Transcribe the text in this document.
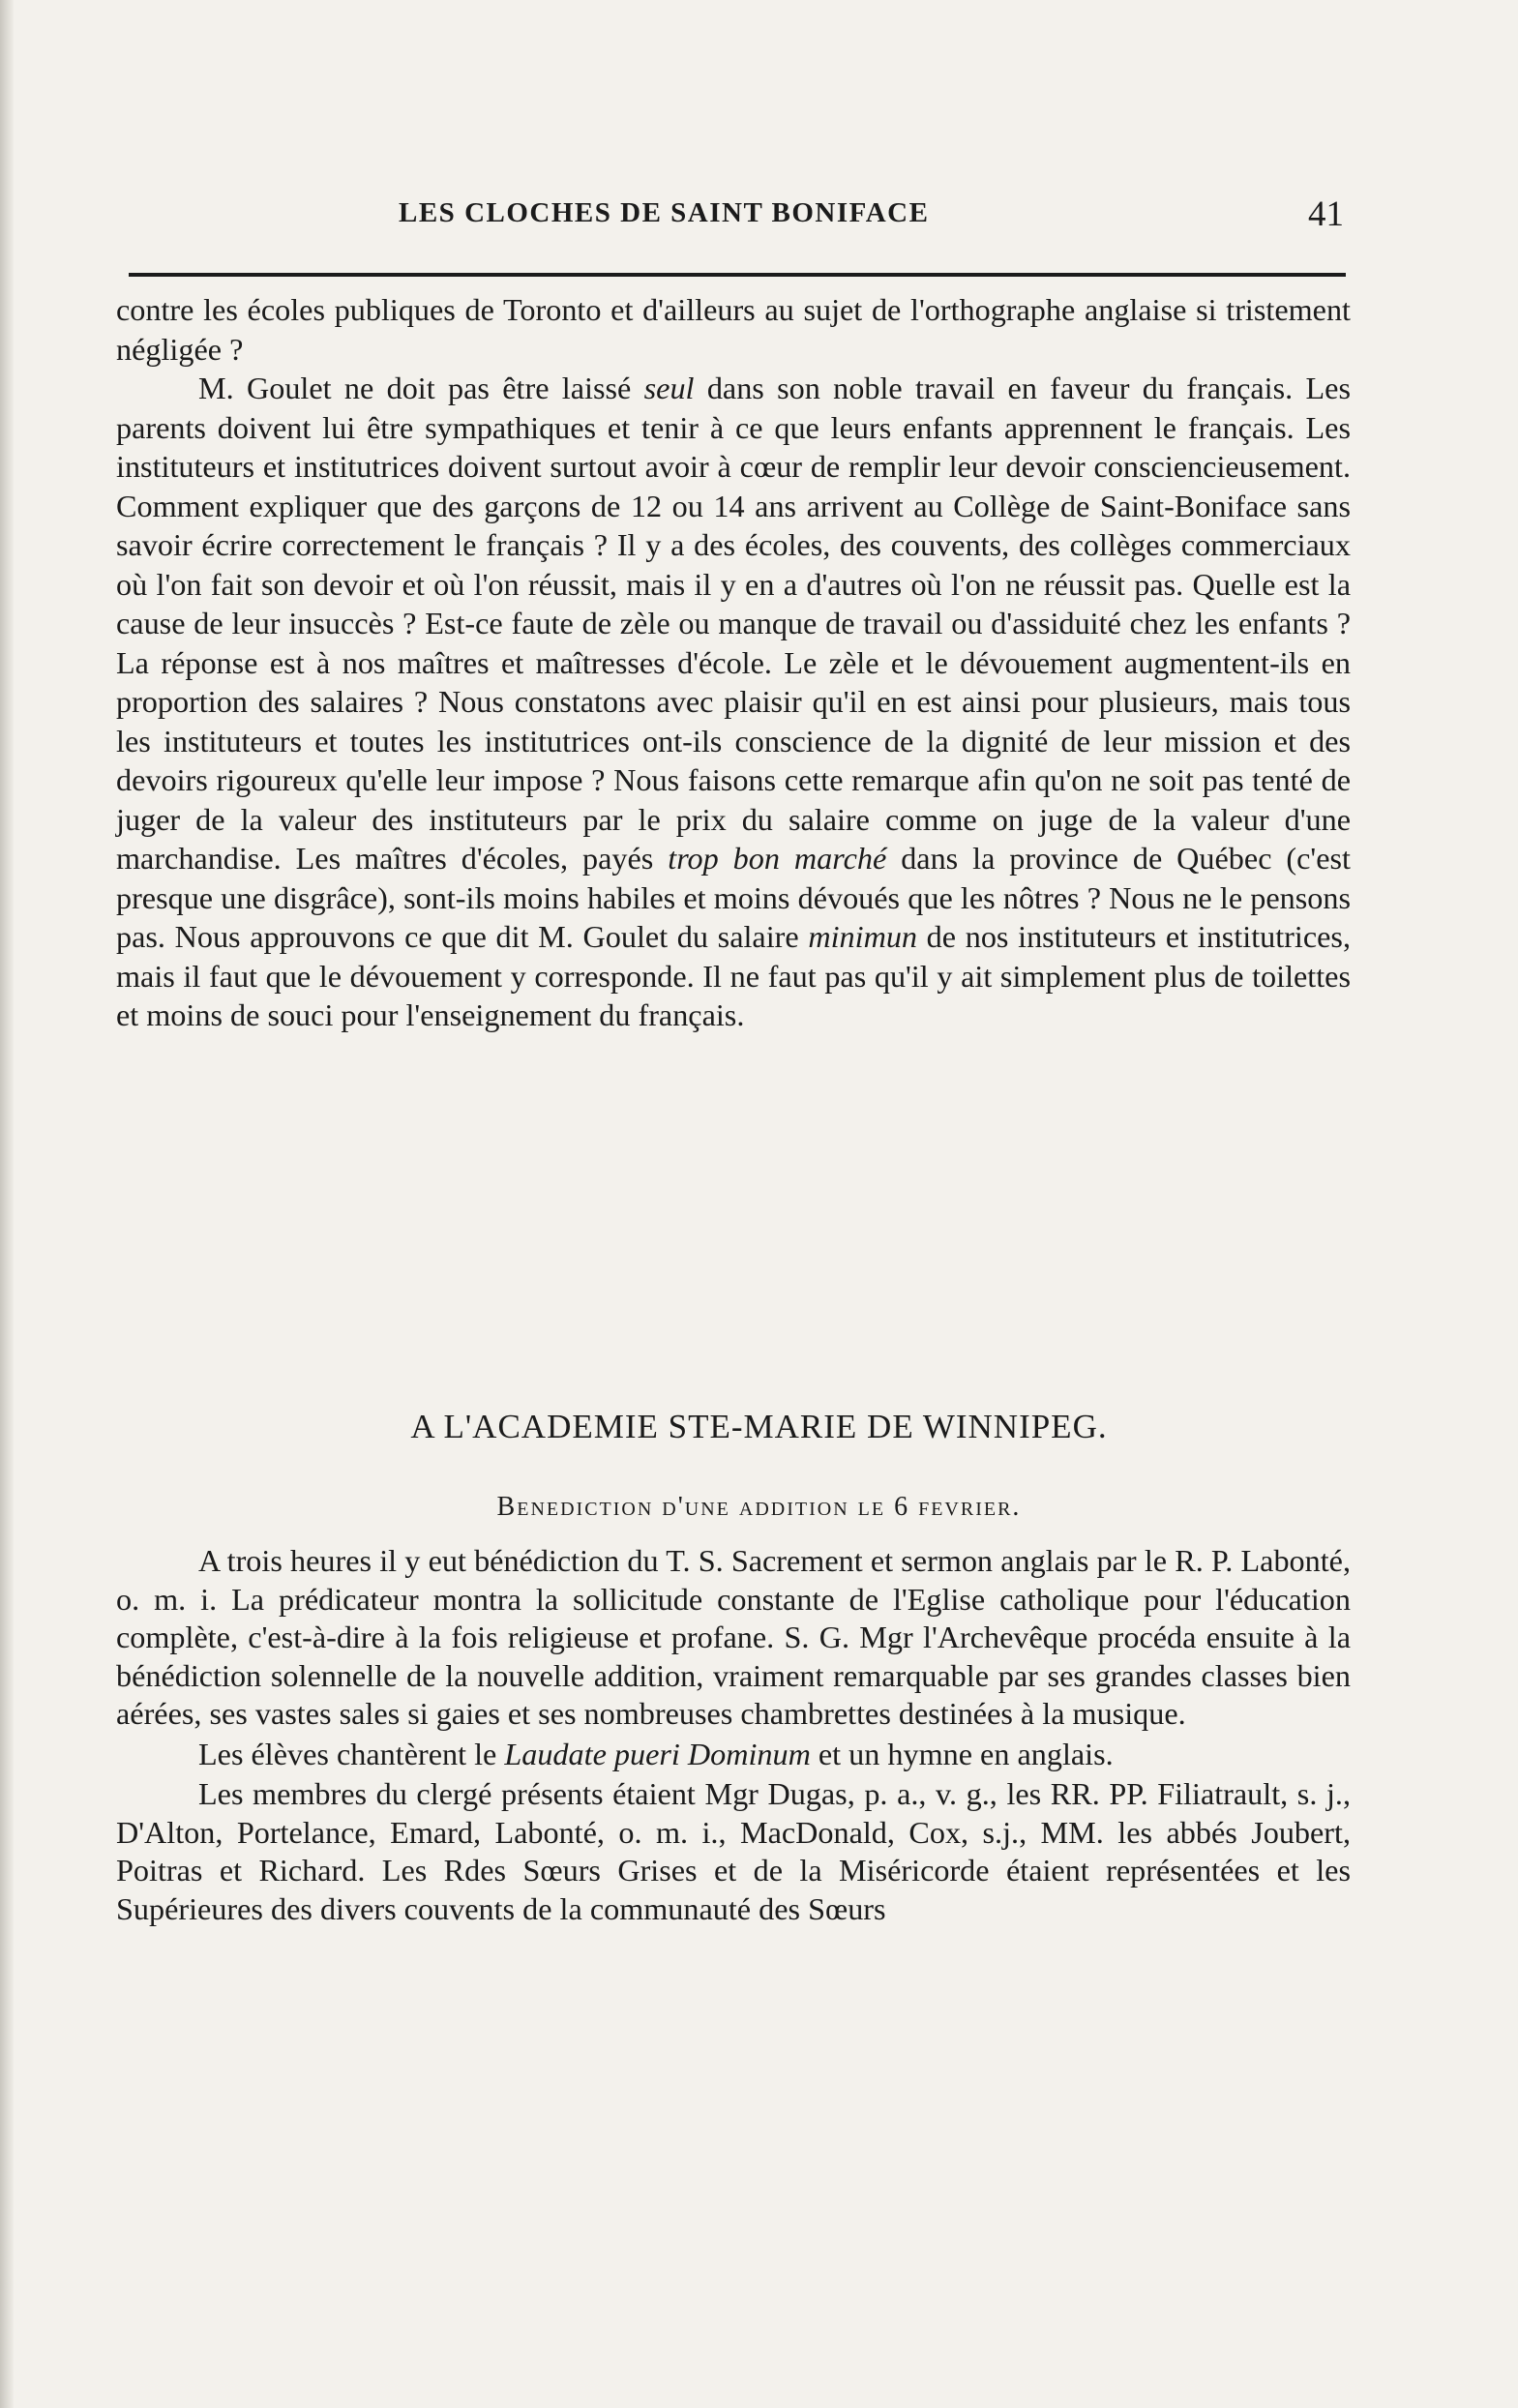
LES CLOCHES DE SAINT BONIFACE	41

contre les écoles publiques de Toronto et d'ailleurs au sujet de l'orthographe anglaise si tristement négligée ?

M. Goulet ne doit pas être laissé seul dans son noble travail en faveur du français. Les parents doivent lui être sympathiques et tenir à ce que leurs enfants apprennent le français. Les instituteurs et institutrices doivent surtout avoir à cœur de remplir leur devoir consciencieusement. Comment expliquer que des garçons de 12 ou 14 ans arrivent au Collège de Saint-Boniface sans savoir écrire correctement le français ? Il y a des écoles, des couvents, des collèges commerciaux où l'on fait son devoir et où l'on réussit, mais il y en a d'autres où l'on ne réussit pas. Quelle est la cause de leur insuccès ? Est-ce faute de zèle ou manque de travail ou d'assiduité chez les enfants ? La réponse est à nos maîtres et maîtresses d'école. Le zèle et le dévouement augmentent-ils en proportion des salaires ? Nous constatons avec plaisir qu'il en est ainsi pour plusieurs, mais tous les instituteurs et toutes les institutrices ont-ils conscience de la dignité de leur mission et des devoirs rigoureux qu'elle leur impose ? Nous faisons cette remarque afin qu'on ne soit pas tenté de juger de la valeur des instituteurs par le prix du salaire comme on juge de la valeur d'une marchandise. Les maîtres d'écoles, payés trop bon marché dans la province de Québec (c'est presque une disgrâce), sont-ils moins habiles et moins dévoués que les nôtres ? Nous ne le pensons pas. Nous approuvons ce que dit M. Goulet du salaire minimun de nos instituteurs et institutrices, mais il faut que le dévouement y corresponde. Il ne faut pas qu'il y ait simplement plus de toilettes et moins de souci pour l'enseignement du français.

A L'ACADEMIE STE-MARIE DE WINNIPEG.
Benediction d'une addition le 6 fevrier.

A trois heures il y eut bénédiction du T. S. Sacrement et sermon anglais par le R. P. Labonté, o. m. i. La prédicateur montra la sollicitude constante de l'Eglise catholique pour l'éducation complète, c'est-à-dire à la fois religieuse et profane. S. G. Mgr l'Archevêque procéda ensuite à la bénédiction solennelle de la nouvelle addition, vraiment remarquable par ses grandes classes bien aérées, ses vastes sales si gaies et ses nombreuses chambrettes destinées à la musique.

Les élèves chantèrent le Laudate pueri Dominum et un hymne en anglais.

Les membres du clergé présents étaient Mgr Dugas, p. a., v. g., les RR. PP. Filiatrault, s. j., D'Alton, Portelance, Emard, Labonté, o. m. i., MacDonald, Cox, s.j., MM. les abbés Joubert, Poitras et Richard. Les Rdes Sœurs Grises et de la Miséricorde étaient représentées et les Supérieures des divers couvents de la communauté des Sœurs
